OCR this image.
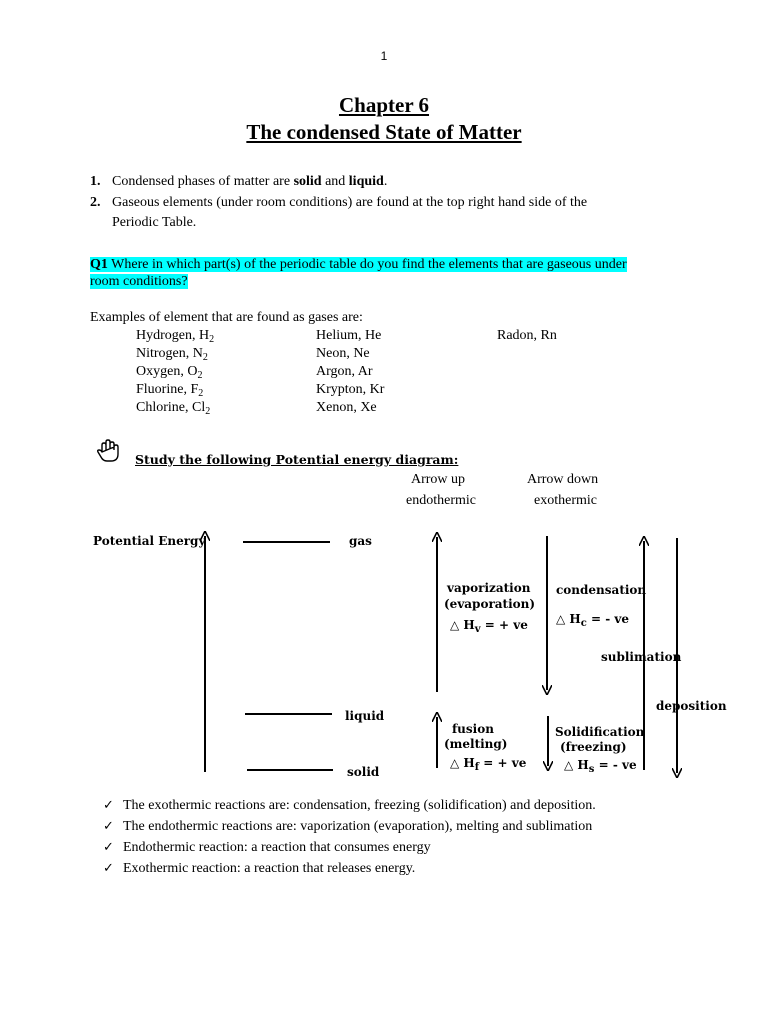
1
Chapter 6
The condensed State of Matter
1. Condensed phases of matter are solid and liquid.
2. Gaseous elements (under room conditions) are found at the top right hand side of the
Periodic Table.
Q1 Where in which part(s) of the periodic table do you find the elements that are gaseous under
room conditions?
Examples of element that are found as gases are:
Hydrogen, $H_2$
Nitrogen, $N_2$
Oxygen, $O_2$
Fluorine, $F_2$
Chlorine, $Cl_2$
Helium, He
Neon, Ne
Argon, Ar
Krypton, Kr
Xenon, Xe
Radon, Rn
Study the following Potential energy diagram:
Arrow up
endothermic
Arrow down
exothermic
Potential Energy	gas
liquid
solid
vaporization
(evaporation)
△ $H_v$ = + ve
condensation
△ $H_c$ = - ve
sublimation
deposition
fusion
(melting)
△ $H_f$ = + ve
Solidification
(freezing)
△ $H_s$ = - ve
✓ The exothermic reactions are: condensation, freezing (solidification) and deposition.
✓ The endothermic reactions are: vaporization (evaporation), melting and sublimation
✓ Endothermic reaction: a reaction that consumes energy
✓ Exothermic reaction: a reaction that releases energy.
